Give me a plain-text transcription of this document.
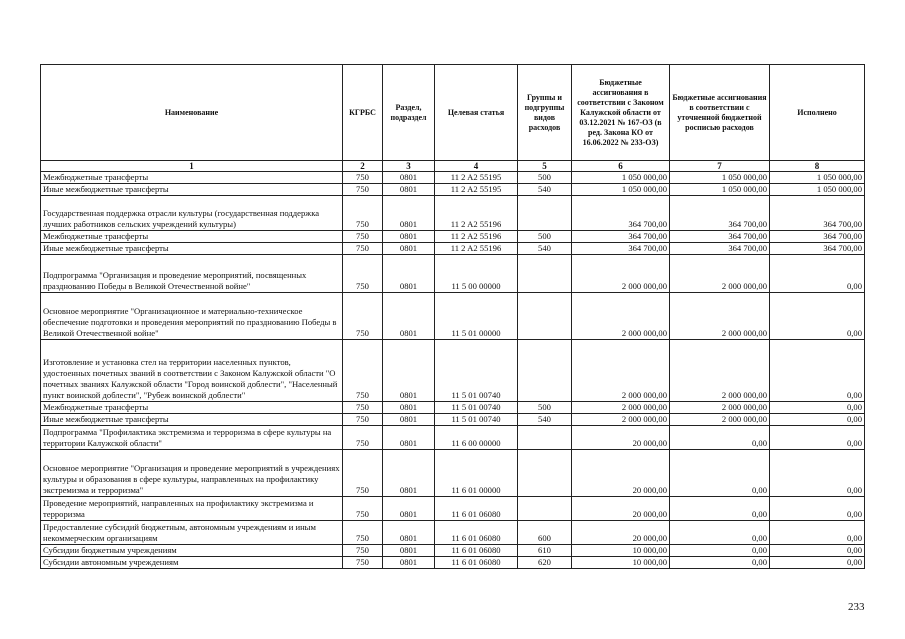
Наименование	КГРБС	Раздел, подраздел	Целевая статья	Группы и подгруппы видов расходов	Бюджетные ассигнования в соответствии с Законом Калужской области от 03.12.2021 № 167-ОЗ (в ред. Закона КО от 16.06.2022 № 233-ОЗ)	Бюджетные ассигнования в соответствии с уточненной бюджетной росписью расходов	Исполнено
1	2	3	4	5	6	7	8
Межбюджетные трансферты	750	0801	11 2 A2 55195	500	1 050 000,00	1 050 000,00	1 050 000,00
Иные межбюджетные трансферты	750	0801	11 2 A2 55195	540	1 050 000,00	1 050 000,00	1 050 000,00
Государственная поддержка отрасли культуры (государственная поддержка лучших работников сельских учреждений культуры)	750	0801	11 2 A2 55196		364 700,00	364 700,00	364 700,00
Межбюджетные трансферты	750	0801	11 2 A2 55196	500	364 700,00	364 700,00	364 700,00
Иные межбюджетные трансферты	750	0801	11 2 A2 55196	540	364 700,00	364 700,00	364 700,00
Подпрограмма "Организация и проведение мероприятий, посвященных празднованию Победы в Великой Отечественной войне"	750	0801	11 5 00 00000		2 000 000,00	2 000 000,00	0,00
Основное мероприятие "Организационное и материально-техническое обеспечение подготовки и проведения мероприятий по празднованию Победы в Великой Отечественной войне"	750	0801	11 5 01 00000		2 000 000,00	2 000 000,00	0,00
Изготовление и установка стел на территории населенных пунктов, удостоенных почетных званий в соответствии с Законом Калужской области "О почетных званиях Калужской области "Город воинской доблести", "Населенный пункт воинской доблести", "Рубеж воинской доблести"	750	0801	11 5 01 00740		2 000 000,00	2 000 000,00	0,00
Межбюджетные трансферты	750	0801	11 5 01 00740	500	2 000 000,00	2 000 000,00	0,00
Иные межбюджетные трансферты	750	0801	11 5 01 00740	540	2 000 000,00	2 000 000,00	0,00
Подпрограмма "Профилактика экстремизма и терроризма в сфере культуры на территории Калужской области"	750	0801	11 6 00 00000		20 000,00	0,00	0,00
Основное мероприятие "Организация и проведение мероприятий в учреждениях культуры и образования в сфере культуры, направленных на профилактику экстремизма и терроризма"	750	0801	11 6 01 00000		20 000,00	0,00	0,00
Проведение мероприятий, направленных на профилактику экстремизма и терроризма	750	0801	11 6 01 06080		20 000,00	0,00	0,00
Предоставление субсидий бюджетным, автономным учреждениям и иным некоммерческим организациям	750	0801	11 6 01 06080	600	20 000,00	0,00	0,00
Субсидии бюджетным учреждениям	750	0801	11 6 01 06080	610	10 000,00	0,00	0,00
Субсидии автономным учреждениям	750	0801	11 6 01 06080	620	10 000,00	0,00	0,00
233
